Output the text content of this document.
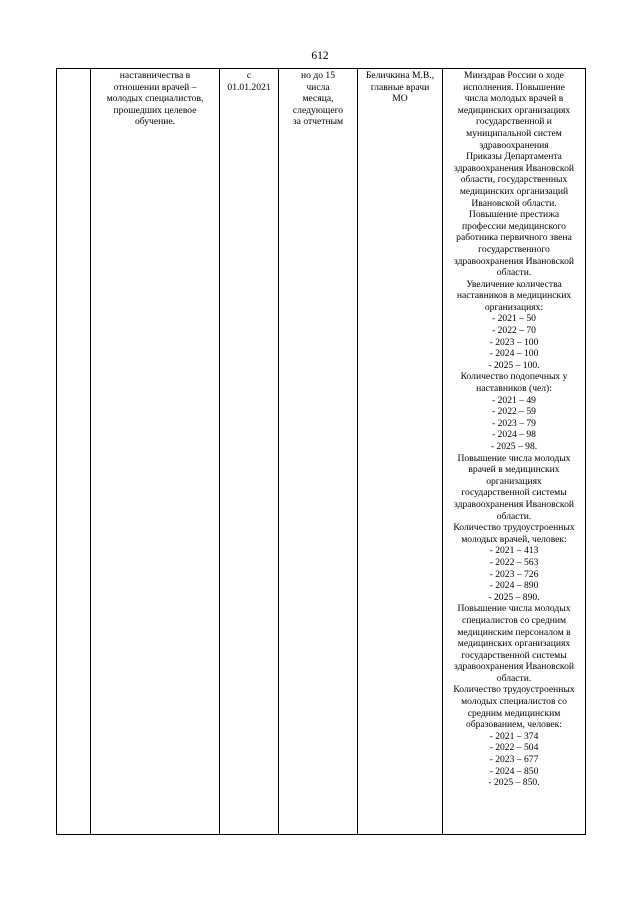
612

наставничества в
отношении врачей –
молодых специалистов,
прошедших целевое
обучение.

с
01.01.2021

но до 15
числа
месяца,
следующего
за отчетным

Беличкина М.В.,
главные врачи
МО

Минздрав России о ходе
исполнения. Повышение
числа молодых врачей в
медицинских организациях
государственной и
муниципальной систем
здравоохранения
Приказы Департамента
здравоохранения Ивановской
области, государственных
медицинских организаций
Ивановской области.
Повышение престижа
профессии медицинского
работника первичного звена
государственного
здравоохранения Ивановской
области.
Увеличение количества
наставников в медицинских
организациях:
- 2021 – 50
- 2022 – 70
- 2023 – 100
- 2024 – 100
- 2025 – 100.
Количество подопечных у
наставников (чел):
- 2021 – 49
- 2022 – 59
- 2023 – 79
- 2024 – 98
- 2025 – 98.
Повышение числа молодых
врачей в медицинских
организациях
государственной системы
здравоохранения Ивановской
области.
Количество трудоустроенных
молодых врачей, человек:
- 2021 – 413
- 2022 – 563
- 2023 – 726
- 2024 – 890
- 2025 – 890.
Повышение числа молодых
специалистов со средним
медицинским персоналом в
медицинских организациях
государственной системы
здравоохранения Ивановской
области.
Количество трудоустроенных
молодых специалистов со
средним медицинским
образованием, человек:
- 2021 – 374
- 2022 – 504
- 2023 – 677
- 2024 – 850
- 2025 – 850.
